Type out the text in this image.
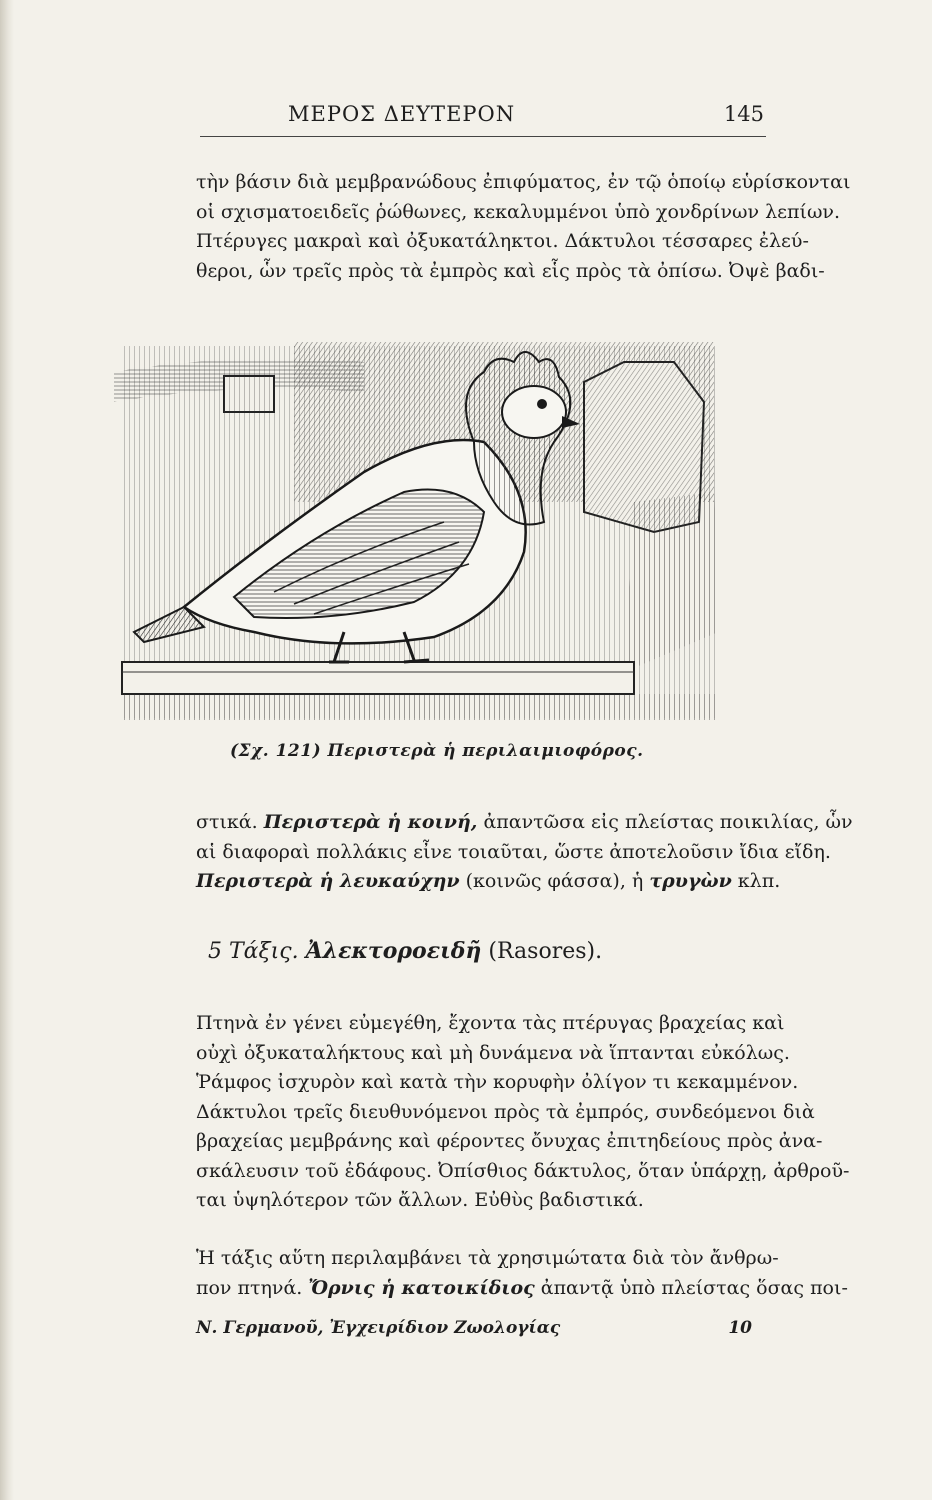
ΜΕΡΟΣ ΔΕΥΤΕΡΟΝ	145
τὴν βάσιν διὰ μεμβρανώδους ἐπιφύματος, ἐν τῷ ὁποίῳ εὑρίσκονται
οἱ σχισματοειδεῖς ῥώθωνες, κεκαλυμμένοι ὑπὸ χονδρίνων λεπίων.
Πτέρυγες μακραὶ καὶ ὀξυκατάληκτοι. Δάκτυλοι τέσσαρες ἐλεύ-
θεροι, ὧν τρεῖς πρὸς τὰ ἐμπρὸς καὶ εἷς πρὸς τὰ ὀπίσω. Ὀψὲ βαδι-
(Σχ. 121) Περιστερὰ ἡ περιλαιμιοφόρος.
στικά. Περιστερὰ ἡ κοινή, ἀπαντῶσα εἰς πλείστας ποικιλίας, ὧν
αἱ διαφοραὶ πολλάκις εἶνε τοιαῦται, ὥστε ἀποτελοῦσιν ἴδια εἴδη.
Περιστερὰ ἡ λευκαύχην (κοινῶς φάσσα), ἡ τρυγὼν κλπ.
5 Τάξις. Ἀλεκτοροειδῆ (Rasores).
Πτηνὰ ἐν γένει εὐμεγέθη, ἔχοντα τὰς πτέρυγας βραχείας καὶ
οὐχὶ ὀξυκαταλήκτους καὶ μὴ δυνάμενα νὰ ἵπτανται εὐκόλως.
Ῥάμφος ἰσχυρὸν καὶ κατὰ τὴν κορυφὴν ὀλίγον τι κεκαμμένον.
Δάκτυλοι τρεῖς διευθυνόμενοι πρὸς τὰ ἐμπρός, συνδεόμενοι διὰ
βραχείας μεμβράνης καὶ φέροντες ὄνυχας ἐπιτηδείους πρὸς ἀνα-
σκάλευσιν τοῦ ἐδάφους. Ὀπίσθιος δάκτυλος, ὅταν ὑπάρχῃ, ἀρθροῦ-
ται ὑψηλότερον τῶν ἄλλων. Εὐθὺς βαδιστικά.
Ἡ τάξις αὕτη περιλαμβάνει τὰ χρησιμώτατα διὰ τὸν ἄνθρω-
πον πτηνά. Ὄρνις ἡ κατοικίδιος ἀπαντᾷ ὑπὸ πλείστας ὅσας ποι-
Ν. Γερμανοῦ, Ἐγχειρίδιον Ζωολογίας	10
